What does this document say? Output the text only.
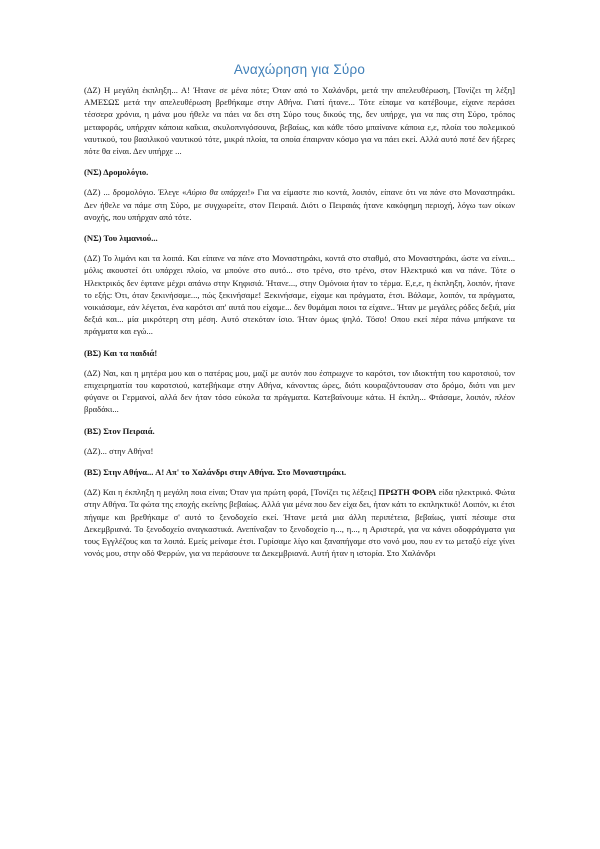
Αναχώρηση για Σύρο

(ΔΖ) Η μεγάλη έκπληξη... Α! Ήτανε σε μένα πότε; Όταν από το Χαλάνδρι, μετά την απελευθέρωση, [Τονίζει τη λέξη] ΑΜΕΣΩΣ μετά την απελευθέρωση βρεθήκαμε στην Αθήνα. Γιατί ήτανε... Τότε είπαμε να κατέβουμε, είχανε περάσει τέσσερα χρόνια, η μάνα μου ήθελε να πάει να δει στη Σύρο τους δικούς της, δεν υπήρχε, για να πας στη Σύρο, τρόπος μεταφοράς, υπήρχαν κάποια καΐκια, σκυλοπνιγόσουνα, βεβαίως, και κάθε τόσο μπαίνανε κάποια ε,ε, πλοία του πολεμικού ναυτικού, του βασιλικού ναυτικού τότε, μικρά πλοία, τα οποία έπαιρναν κόσμο για να πάει εκεί. Αλλά αυτό ποτέ δεν ήξερες πότε θα είναι. Δεν υπήρχε ...

(ΝΣ) Δρομολόγιο.

(ΔΖ) ... δρομολόγιο. Έλεγε «Αύριο θα υπάρχει!» Για να είμαστε πιο κοντά, λοιπόν, είπανε ότι να πάνε στο Μοναστηράκι. Δεν ήθελε να πάμε στη Σύρο, με συγχωρείτε, στον Πειραιά. Διότι ο Πειραιάς ήτανε κακόφημη περιοχή, λόγω των οίκων ανοχής, που υπήρχαν από τότε.

(ΝΣ) Του λιμανιού...

(ΔΖ) Το λιμάνι και τα λοιπά. Και είπανε να πάνε στο Μοναστηράκι, κοντά στο σταθμό, στο Μοναστηράκι, ώστε να είναι... μόλις ακουστεί ότι υπάρχει πλοίο, να μπούνε στο αυτό... στο τρένο, στο τρένο, στον Ηλεκτρικό και να πάνε. Τότε ο Ηλεκτρικός δεν έφτανε μέχρι απάνω στην Κηφισιά. Ήτανε..., στην Ομόνοια ήταν το τέρμα. Ε,ε,ε, η έκπληξη, λοιπόν, ήτανε το εξής: Ότι, όταν ξεκινήσαμε..., πώς ξεκινήσαμε! Ξεκινήσαμε, είχαμε και πράγματα, έτσι. Βάλαμε, λοιπόν, τα πράγματα, νοικιάσαμε, εάν λέγεται, ένα καρότσι απ' αυτά που είχαμε... δεν θυμάμαι ποιοι τα είχανε.. Ήταν με μεγάλες ρόδες δεξιά, μία δεξιά και... μία μικρότερη στη μέση. Αυτό στεκόταν ίσιο. Ήταν όμως ψηλό. Τόσο! Οπου εκεί πέρα πάνω μπήκανε τα πράγματα και εγώ...

(ΒΣ) Και τα παιδιά!

(ΔΖ) Ναι, και η μητέρα μου και ο πατέρας μου, μαζί με αυτόν που έσπρωχνε το καρότσι, τον ιδιοκτήτη του καροτσιού, τον επιχειρηματία του καροτσιού, κατεβήκαμε στην Αθήνα, κάνοντας ώρες, διότι κουραζόντουσαν στο δρόμο, διότι ναι μεν φύγανε οι Γερμανοί, αλλά δεν ήταν τόσο εύκολα τα πράγματα. Κατεβαίνουμε κάτω. Η έκπλη... Φτάσαμε, λοιπόν, πλέον βραδάκι...

(ΒΣ) Στον Πειραιά.

(ΔΖ)... στην Αθήνα!

(ΒΣ) Στην Αθήνα... Α! Απ' το Χαλάνδρι στην Αθήνα. Στο Μοναστηράκι.

(ΔΖ) Και η έκπληξη η μεγάλη ποια είναι; Όταν για πρώτη φορά, [Τονίζει τις λέξεις] ΠΡΩΤΗ ΦΟΡΑ είδα ηλεκτρικό. Φώτα στην Αθήνα. Τα φώτα της εποχής εκείνης βεβαίως. Αλλά για μένα που δεν είχα δει, ήταν κάτι το εκπληκτικό! Λοιπόν, κι έτσι πήγαμε και βρεθήκαμε σ' αυτό το ξενοδοχείο εκεί. Ήτανε μετά μια άλλη περιπέτεια, βεβαίως, γιατί πέσαμε στα Δεκεμβριανά. Το ξενοδοχείο αναγκαστικά. Ανεπίναξαν το ξενοδοχείο η..., η..., η Αριστερά, για να κάνει οδοφράγματα για τους Εγγλέζους και τα λοιπά. Εμείς μείναμε έτσι. Γυρίσαμε λίγο και ξαναπήγαμε στο νονό μου, που εν τω μεταξύ είχε γίνει νονός μου, στην οδό Φερρών, για να περάσουνε τα Δεκεμβριανά. Αυτή ήταν η ιστορία. Στο Χαλάνδρι
